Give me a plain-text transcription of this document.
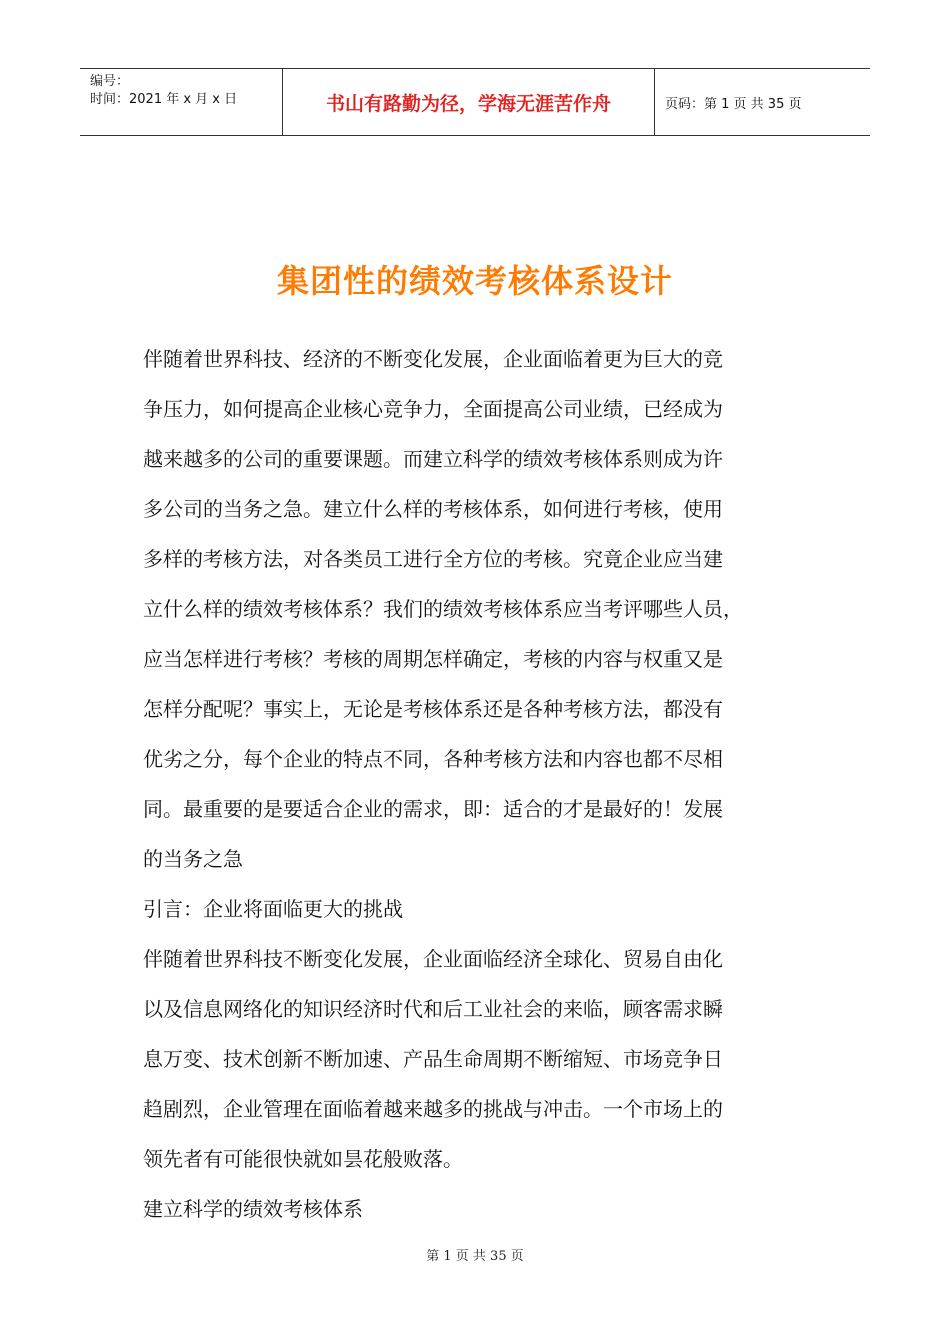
编号：
时间：2021 年 x 月 x 日	书山有路勤为径，学海无涯苦作舟	页码：第 1 页 共 35 页
集团性的绩效考核体系设计
伴随着世界科技、经济的不断变化发展，企业面临着更为巨大的竞
争压力，如何提高企业核心竞争力，全面提高公司业绩，已经成为
越来越多的公司的重要课题。而建立科学的绩效考核体系则成为许
多公司的当务之急。建立什么样的考核体系，如何进行考核，使用
多样的考核方法，对各类员工进行全方位的考核。究竟企业应当建
立什么样的绩效考核体系？我们的绩效考核体系应当考评哪些人员，
应当怎样进行考核？考核的周期怎样确定，考核的内容与权重又是
怎样分配呢？事实上，无论是考核体系还是各种考核方法，都没有
优劣之分，每个企业的特点不同，各种考核方法和内容也都不尽相
同。最重要的是要适合企业的需求，即：适合的才是最好的！发展
的当务之急
引言：企业将面临更大的挑战
伴随着世界科技不断变化发展，企业面临经济全球化、贸易自由化
以及信息网络化的知识经济时代和后工业社会的来临，顾客需求瞬
息万变、技术创新不断加速、产品生命周期不断缩短、市场竞争日
趋剧烈，企业管理在面临着越来越多的挑战与冲击。一个市场上的
领先者有可能很快就如昙花般败落。
建立科学的绩效考核体系
第 1 页 共 35 页
